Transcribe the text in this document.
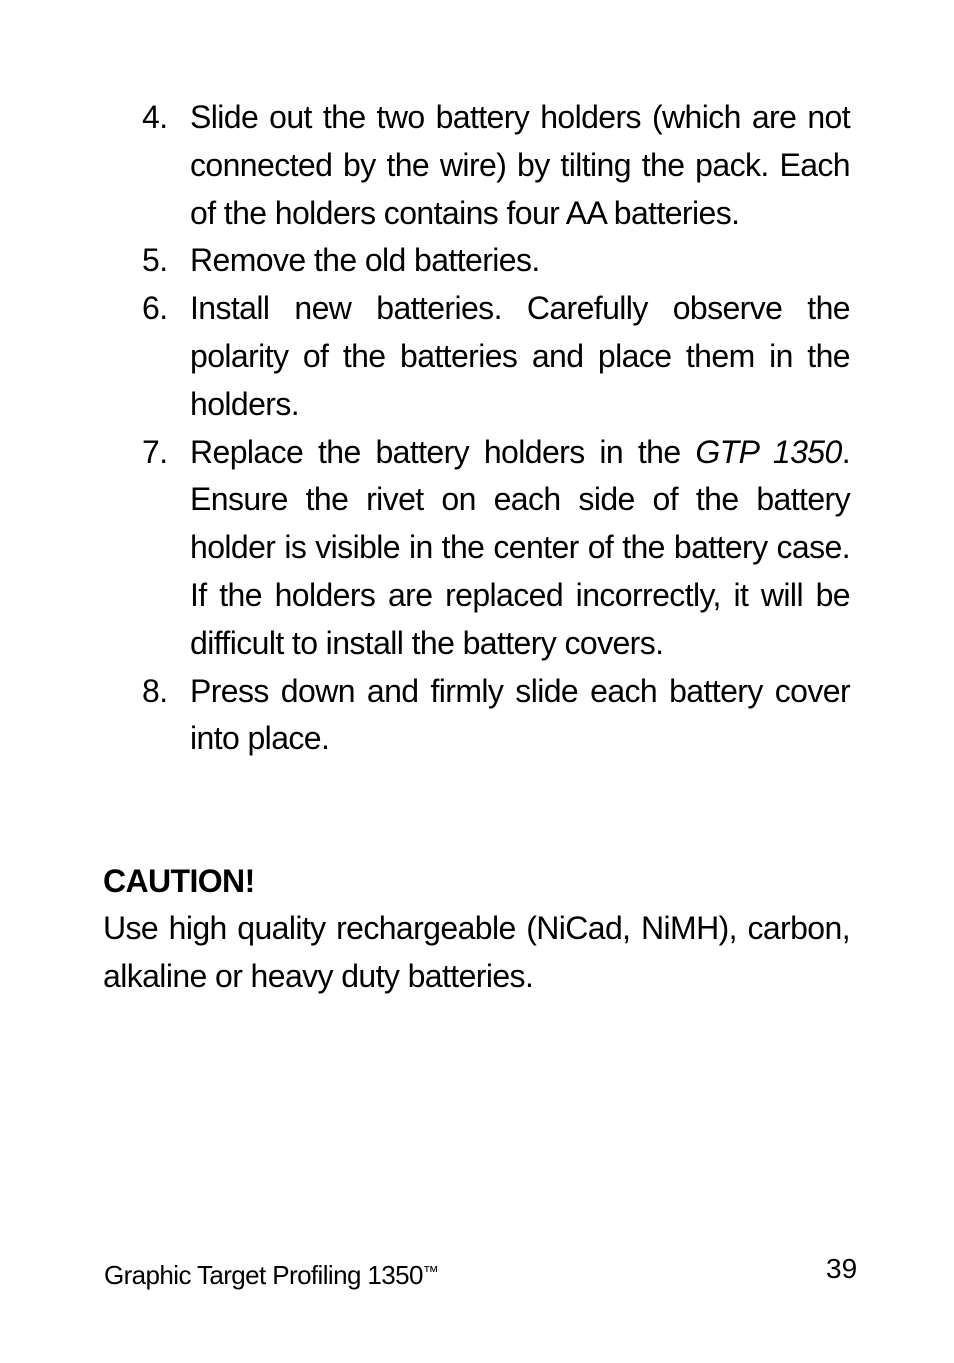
4. Slide out the two battery holders (which are not connected by the wire) by tilting the pack. Each of the holders contains four AA batteries.
5. Remove the old batteries.
6. Install new batteries. Carefully observe the polarity of the batteries and place them in the holders.
7. Replace the battery holders in the GTP 1350. Ensure the rivet on each side of the battery holder is visible in the center of the battery case. If the holders are replaced incorrectly, it will be difficult to install the battery covers.
8. Press down and firmly slide each battery cover into place.
CAUTION!

Use high quality rechargeable (NiCad, NiMH), carbon, alkaline or heavy duty batteries.

Graphic Target Profiling 1350™	39
